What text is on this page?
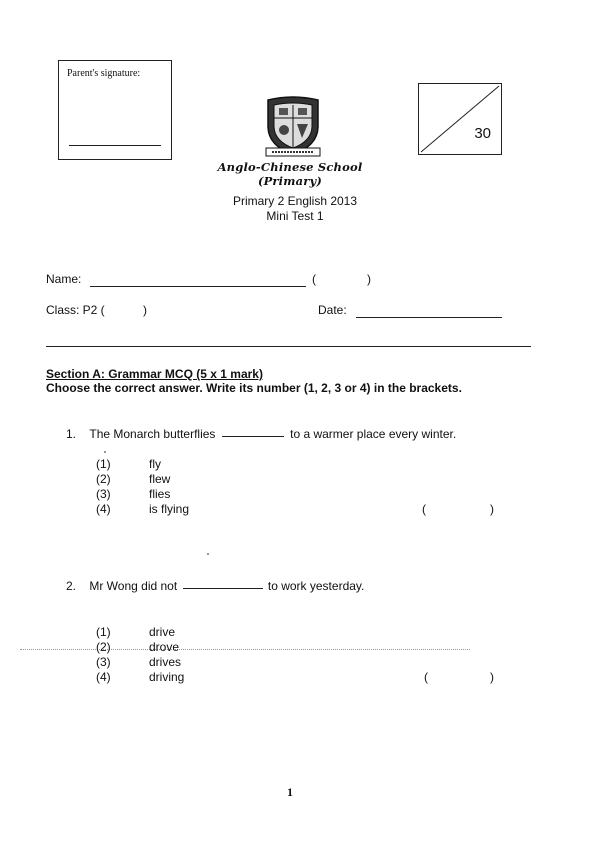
Parent's signature:
30
Anglo-Chinese School (Primary)
Primary 2 English 2013
Mini Test 1
Name:	(	)
Class: P2 (	)	Date:
Section A: Grammar MCQ (5 x 1 mark)
Choose the correct answer. Write its number (1, 2, 3 or 4) in the brackets.
1. The Monarch butterflies	to a warmer place every winter.
(1)	fly
(2)	flew
(3)	flies
(4)	is flying	(	)
2. Mr Wong did not	to work yesterday.
(1)	drive
(2)	drove
(3)	drives
(4)	driving	(	)
1
